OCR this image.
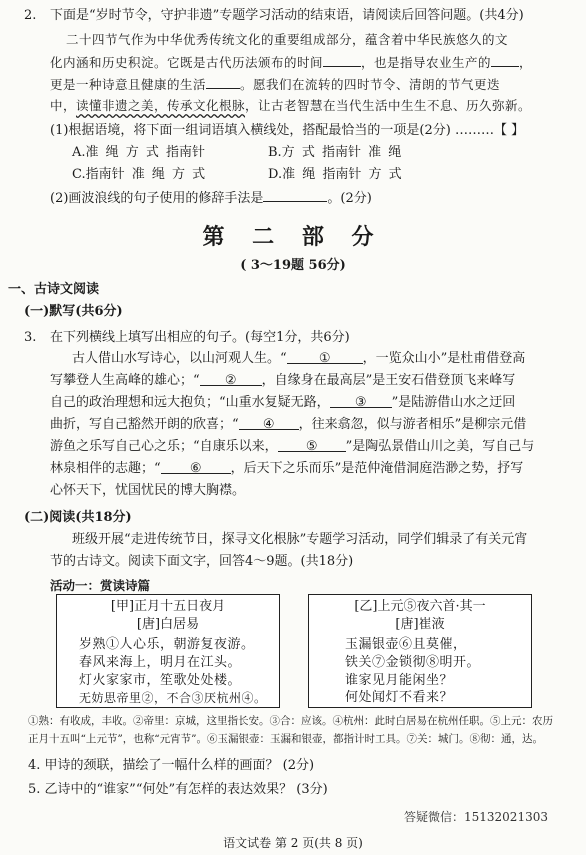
2. 下面是“岁时节令，守护非遗”专题学习活动的结束语，请阅读后回答问题。(共4分)
二十四节气作为中华优秀传统文化的重要组成部分，蕴含着中华民族悠久的文
化内涵和历史积淀。它既是古代历法颁布的时间	，也是指导农业生产的 ，
更是一种诗意且健康的生活	。愿我们在流转的四时节令、清朗的节气更迭
中，读懂非遗之美，传承文化根脉，让古老智慧在当代生活中生生不息、历久弥新。
(1)根据语境，将下面一组词语填入横线处，搭配最恰当的一项是(2分) ………【 】
A.准 绳 方 式 指南针	B.方 式 指南针 准 绳
C.指南针 准 绳 方 式	D.准 绳 指南针 方 式
(2)画波浪线的句子使用的修辞手法是	。(2分)
第 二 部 分
( 3～19题 56分)
一、古诗文阅读
(一)默写(共6分)
3. 在下列横线上填写出相应的句子。(每空1分，共6分)
古人借山水写诗心，以山河观人生。“ ① ，一览众山小”是杜甫借登高
写攀登人生高峰的雄心；“ ② ，自缘身在最高层”是王安石借登顶飞来峰写
自己的政治理想和远大抱负；“山重水复疑无路， ③ ”是陆游借山水之迂回
曲折，写自己豁然开朗的欣喜；“ ④ ，往来翕忽，似与游者相乐”是柳宗元借
游鱼之乐写自己心之乐；“自康乐以来， ⑤ ”是陶弘景借山川之美，写自己与
林泉相伴的志趣；“ ⑥ ，后天下之乐而乐”是范仲淹借洞庭浩渺之势，抒写
心怀天下，忧国忧民的博大胸襟。
(二)阅读(共18分)
班级开展“走进传统节日，探寻文化根脉”专题学习活动，同学们辑录了有关元宵
节的古诗文。阅读下面文字，回答4～9题。(共18分)
活动一：赏读诗篇
[甲]正月十五日夜月
[唐]白居易
岁熟①人心乐，朝游复夜游。
春风来海上，明月在江头。
灯火家家市，笙歌处处楼。
无妨思帝里②，不合③厌杭州④。
[乙]上元⑤夜六首·其一
[唐]崔液
玉漏银壶⑥且莫催，
铁关⑦金锁彻⑧明开。
谁家见月能闲坐？
何处闻灯不看来？
①熟：有收成，丰收。②帝里：京城，这里指长安。③合：应该。④杭州：此时白居易在杭州任职。⑤上元：农历
正月十五叫“上元节”，也称“元宵节”。⑥玉漏银壶：玉漏和银壶，都指计时工具。⑦关：城门。⑧彻：通，达。
4. 甲诗的颈联，描绘了一幅什么样的画面？ (2分)
5. 乙诗中的“谁家”“何处”有怎样的表达效果？ (3分)
答疑微信：15132021303
语文试卷 第 2 页(共 8 页)
